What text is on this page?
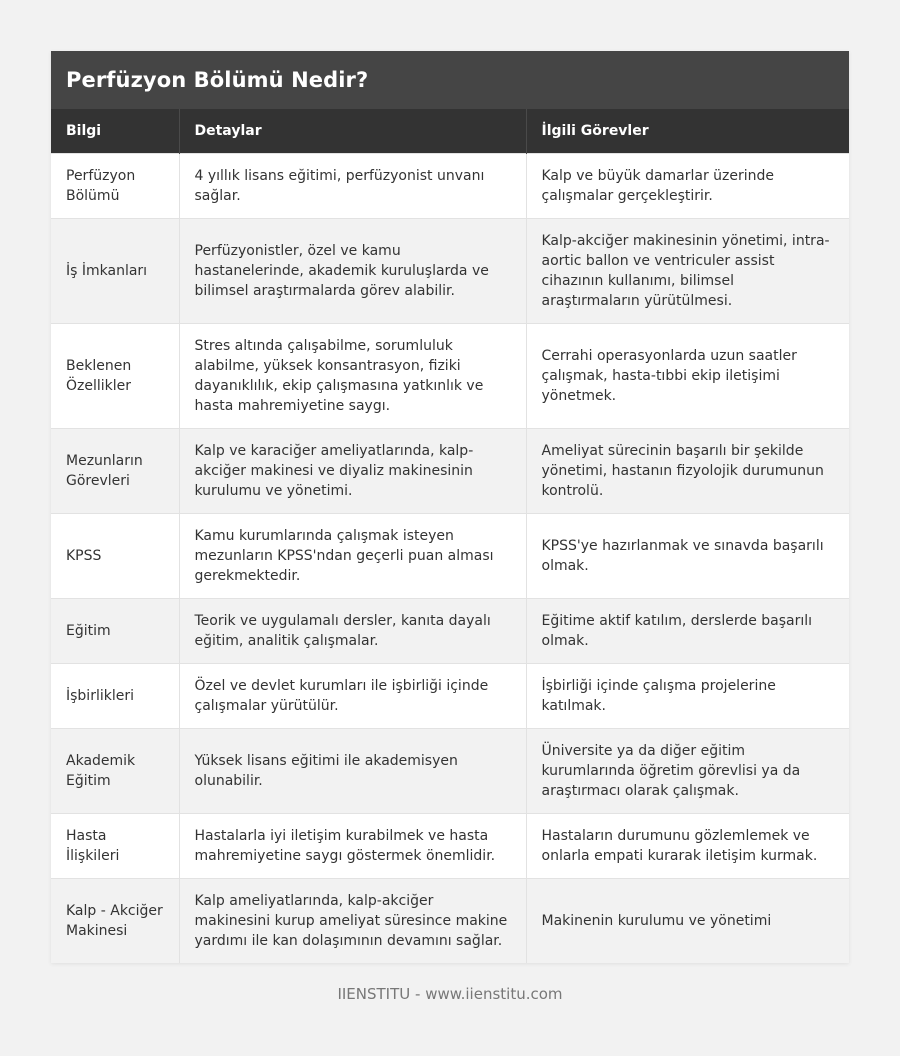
Perfüzyon Bölümü Nedir?
Bilgi	Detaylar	İlgili Görevler
Perfüzyon Bölümü	4 yıllık lisans eğitimi, perfüzyonist unvanı sağlar.	Kalp ve büyük damarlar üzerinde çalışmalar gerçekleştirir.
İş İmkanları	Perfüzyonistler, özel ve kamu hastanelerinde, akademik kuruluşlarda ve bilimsel araştırmalarda görev alabilir.	Kalp-akciğer makinesinin yönetimi, intra-aortic ballon ve ventriculer assist cihazının kullanımı, bilimsel araştırmaların yürütülmesi.
Beklenen Özellikler	Stres altında çalışabilme, sorumluluk alabilme, yüksek konsantrasyon, fiziki dayanıklılık, ekip çalışmasına yatkınlık ve hasta mahremiyetine saygı.	Cerrahi operasyonlarda uzun saatler çalışmak, hasta-tıbbi ekip iletişimi yönetmek.
Mezunların Görevleri	Kalp ve karaciğer ameliyatlarında, kalp-akciğer makinesi ve diyaliz makinesinin kurulumu ve yönetimi.	Ameliyat sürecinin başarılı bir şekilde yönetimi, hastanın fizyolojik durumunun kontrolü.
KPSS	Kamu kurumlarında çalışmak isteyen mezunların KPSS'ndan geçerli puan alması gerekmektedir.	KPSS'ye hazırlanmak ve sınavda başarılı olmak.
Eğitim	Teorik ve uygulamalı dersler, kanıta dayalı eğitim, analitik çalışmalar.	Eğitime aktif katılım, derslerde başarılı olmak.
İşbirlikleri	Özel ve devlet kurumları ile işbirliği içinde çalışmalar yürütülür.	İşbirliği içinde çalışma projelerine katılmak.
Akademik Eğitim	Yüksek lisans eğitimi ile akademisyen olunabilir.	Üniversite ya da diğer eğitim kurumlarında öğretim görevlisi ya da araştırmacı olarak çalışmak.
Hasta İlişkileri	Hastalarla iyi iletişim kurabilmek ve hasta mahremiyetine saygı göstermek önemlidir.	Hastaların durumunu gözlemlemek ve onlarla empati kurarak iletişim kurmak.
Kalp - Akciğer Makinesi	Kalp ameliyatlarında, kalp-akciğer makinesini kurup ameliyat süresince makine yardımı ile kan dolaşımının devamını sağlar.	Makinenin kurulumu ve yönetimi
IIENSTITU - www.iienstitu.com
